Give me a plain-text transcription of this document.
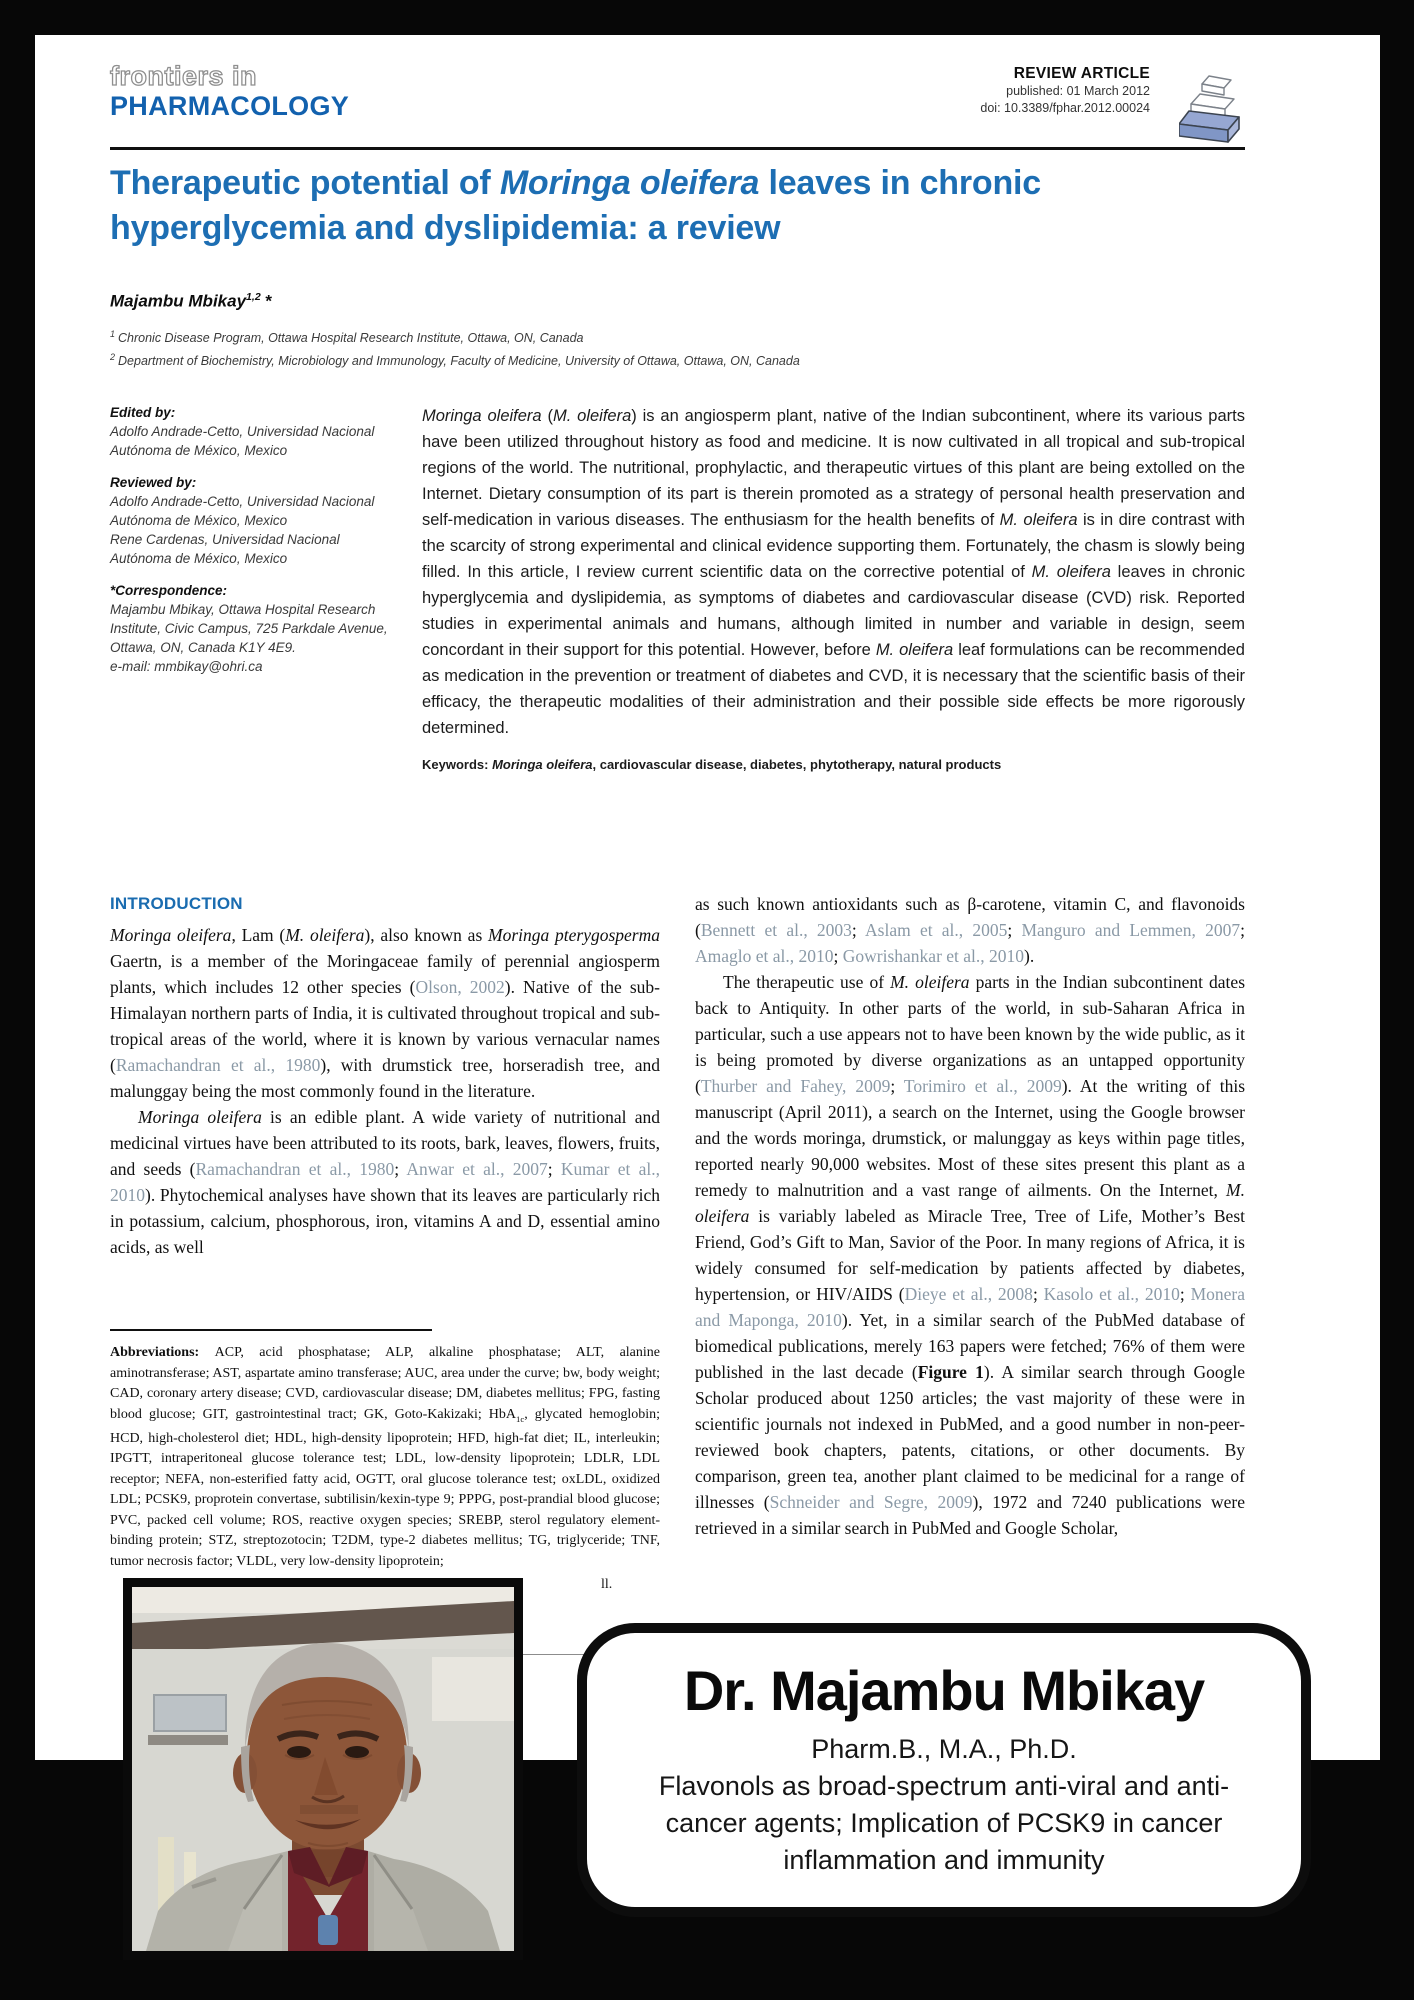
frontiers in
PHARMACOLOGY
REVIEW ARTICLE
published: 01 March 2012
doi: 10.3389/fphar.2012.00024
Therapeutic potential of Moringa oleifera leaves in chronic
hyperglycemia and dyslipidemia: a review
Majambu Mbikay$^{1,2}$ *
$^1$ Chronic Disease Program, Ottawa Hospital Research Institute, Ottawa, ON, Canada
$^2$ Department of Biochemistry, Microbiology and Immunology, Faculty of Medicine, University of Ottawa, Ottawa, ON, Canada
Edited by:
Adolfo Andrade-Cetto, Universidad Nacional Autónoma de México, Mexico
Reviewed by:
Adolfo Andrade-Cetto, Universidad Nacional Autónoma de México, Mexico
Rene Cardenas, Universidad Nacional Autónoma de México, Mexico
*Correspondence:
Majambu Mbikay, Ottawa Hospital Research Institute, Civic Campus, 725 Parkdale Avenue, Ottawa, ON, Canada K1Y 4E9.
e-mail: mmbikay@ohri.ca
Moringa oleifera (M. oleifera) is an angiosperm plant, native of the Indian subcontinent, where its various parts have been utilized throughout history as food and medicine. It is now cultivated in all tropical and sub-tropical regions of the world. The nutritional, prophylactic, and therapeutic virtues of this plant are being extolled on the Internet. Dietary consumption of its part is therein promoted as a strategy of personal health preservation and self-medication in various diseases. The enthusiasm for the health benefits of M. oleifera is in dire contrast with the scarcity of strong experimental and clinical evidence supporting them. Fortunately, the chasm is slowly being filled. In this article, I review current scientific data on the corrective potential of M. oleifera leaves in chronic hyperglycemia and dyslipidemia, as symptoms of diabetes and cardiovascular disease (CVD) risk. Reported studies in experimental animals and humans, although limited in number and variable in design, seem concordant in their support for this potential. However, before M. oleifera leaf formulations can be recommended as medication in the prevention or treatment of diabetes and CVD, it is necessary that the scientific basis of their efficacy, the therapeutic modalities of their administration and their possible side effects be more rigorously determined.
Keywords: Moringa oleifera, cardiovascular disease, diabetes, phytotherapy, natural products
INTRODUCTION

Moringa oleifera, Lam (M. oleifera), also known as Moringa pterygosperma Gaertn, is a member of the Moringaceae family of perennial angiosperm plants, which includes 12 other species (Olson, 2002). Native of the sub-Himalayan northern parts of India, it is cultivated throughout tropical and sub-tropical areas of the world, where it is known by various vernacular names (Ramachandran et al., 1980), with drumstick tree, horseradish tree, and malunggay being the most commonly found in the literature.

Moringa oleifera is an edible plant. A wide variety of nutritional and medicinal virtues have been attributed to its roots, bark, leaves, flowers, fruits, and seeds (Ramachandran et al., 1980; Anwar et al., 2007; Kumar et al., 2010). Phytochemical analyses have shown that its leaves are particularly rich in potassium, calcium, phosphorous, iron, vitamins A and D, essential amino acids, as well

Abbreviations: ACP, acid phosphatase; ALP, alkaline phosphatase; ALT, alanine aminotransferase; AST, aspartate amino transferase; AUC, area under the curve; bw, body weight; CAD, coronary artery disease; CVD, cardiovascular disease; DM, diabetes mellitus; FPG, fasting blood glucose; GIT, gastrointestinal tract; GK, Goto-Kakizaki; HbA$_{1c}$, glycated hemoglobin; HCD, high-cholesterol diet; HDL, high-density lipoprotein; HFD, high-fat diet; IL, interleukin; IPGTT, intraperitoneal glucose tolerance test; LDL, low-density lipoprotein; LDLR, LDL receptor; NEFA, non-esterified fatty acid, OGTT, oral glucose tolerance test; oxLDL, oxidized LDL; PCSK9, proprotein convertase, subtilisin/kexin-type 9; PPPG, post-prandial blood glucose; PVC, packed cell volume; ROS, reactive oxygen species; SREBP, sterol regulatory element-binding protein; STZ, streptozotocin; T2DM, type-2 diabetes mellitus; TG, triglyceride; TNF, tumor necrosis factor; VLDL, very low-density lipoprotein;

as such known antioxidants such as β-carotene, vitamin C, and flavonoids (Bennett et al., 2003; Aslam et al., 2005; Manguro and Lemmen, 2007; Amaglo et al., 2010; Gowrishankar et al., 2010).

The therapeutic use of M. oleifera parts in the Indian subcontinent dates back to Antiquity. In other parts of the world, in sub-Saharan Africa in particular, such a use appears not to have been known by the wide public, as it is being promoted by diverse organizations as an untapped opportunity (Thurber and Fahey, 2009; Torimiro et al., 2009). At the writing of this manuscript (April 2011), a search on the Internet, using the Google browser and the words moringa, drumstick, or malunggay as keys within page titles, reported nearly 90,000 websites. Most of these sites present this plant as a remedy to malnutrition and a vast range of ailments. On the Internet, M. oleifera is variably labeled as Miracle Tree, Tree of Life, Mother’s Best Friend, God’s Gift to Man, Savior of the Poor. In many regions of Africa, it is widely consumed for self-medication by patients affected by diabetes, hypertension, or HIV/AIDS (Dieye et al., 2008; Kasolo et al., 2010; Monera and Maponga, 2010). Yet, in a similar search of the PubMed database of biomedical publications, merely 163 papers were fetched; 76% of them were published in the last decade (Figure 1). A similar search through Google Scholar produced about 1250 articles; the vast majority of these were in scientific journals not indexed in PubMed, and a good number in non-peer-reviewed book chapters, patents, citations, or other documents. By comparison, green tea, another plant claimed to be medicinal for a range of illnesses (Schneider and Segre, 2009), 1972 and 7240 publications were retrieved in a similar search in PubMed and Google Scholar,

ll.
Dr. Majambu Mbikay
Pharm.B., M.A., Ph.D.
Flavonols as broad-spectrum anti-viral and anti-cancer agents; Implication of PCSK9 in cancer inflammation and immunity
